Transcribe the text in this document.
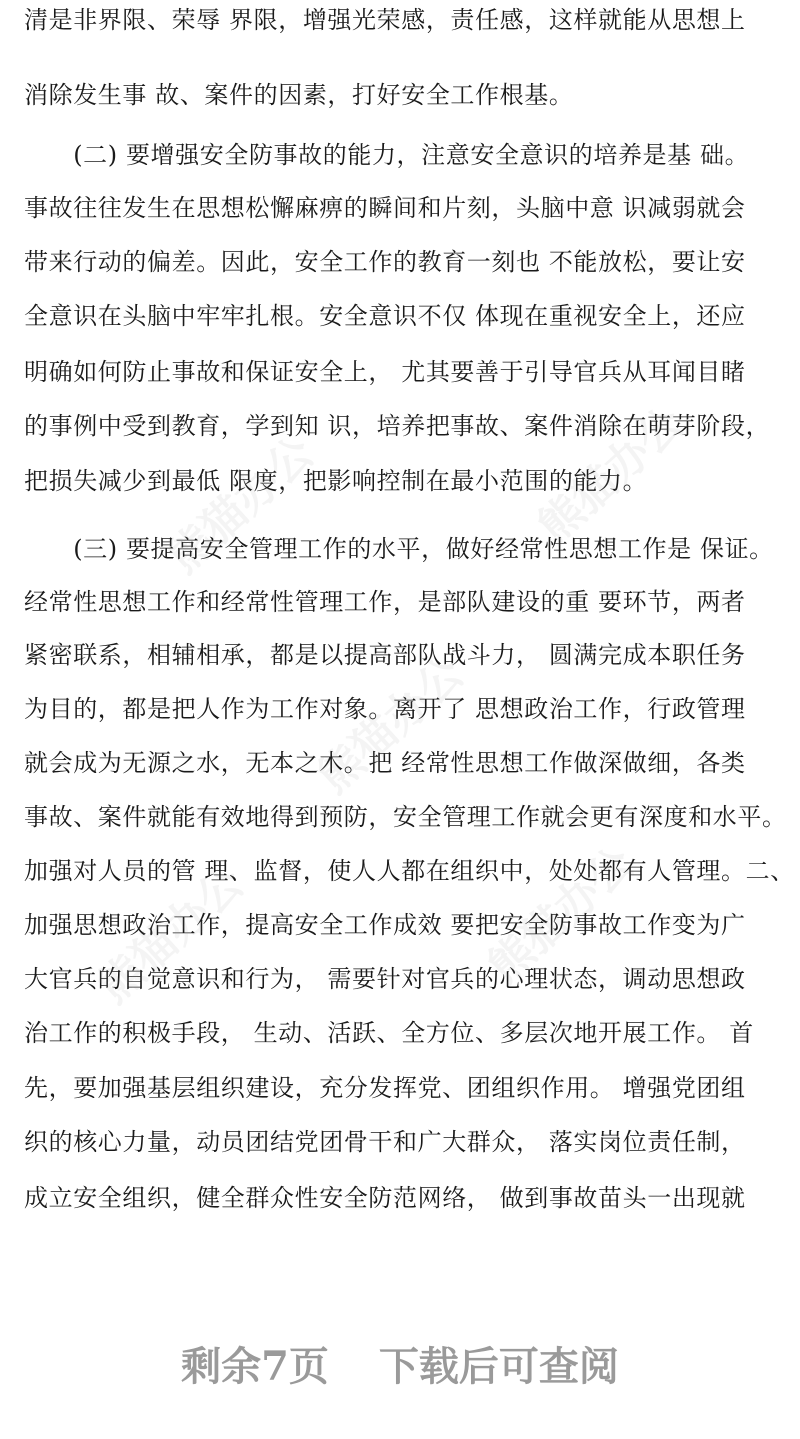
清是非界限、荣辱 界限，增强光荣感，责任感，这样就能从思想上
消除发生事 故、案件的因素，打好安全工作根基。
　　(二) 要增强安全防事故的能力，注意安全意识的培养是基 础。
事故往往发生在思想松懈麻痹的瞬间和片刻，头脑中意 识减弱就会
带来行动的偏差。因此，安全工作的教育一刻也 不能放松，要让安
全意识在头脑中牢牢扎根。安全意识不仅 体现在重视安全上，还应
明确如何防止事故和保证安全上， 尤其要善于引导官兵从耳闻目睹
的事例中受到教育，学到知 识，培养把事故、案件消除在萌芽阶段，
把损失减少到最低 限度，把影响控制在最小范围的能力。
　　(三) 要提高安全管理工作的水平，做好经常性思想工作是 保证。
经常性思想工作和经常性管理工作，是部队建设的重 要环节，两者
紧密联系，相辅相承，都是以提高部队战斗力， 圆满完成本职任务
为目的，都是把人作为工作对象。离开了 思想政治工作，行政管理
就会成为无源之水，无本之木。把 经常性思想工作做深做细，各类
事故、案件就能有效地得到预防，安全管理工作就会更有深度和水平。
加强对人员的管 理、监督，使人人都在组织中，处处都有人管理。二、
加强思想政治工作，提高安全工作成效 要把安全防事故工作变为广
大官兵的自觉意识和行为， 需要针对官兵的心理状态，调动思想政
治工作的积极手段， 生动、活跃、全方位、多层次地开展工作。 首
先，要加强基层组织建设，充分发挥党、团组织作用。 增强党团组
织的核心力量，动员团结党团骨干和广大群众， 落实岗位责任制，
成立安全组织，健全群众性安全防范网络， 做到事故苗头一出现就
熊猫办公	熊猫办公
熊猫办公
熊猫办公	熊猫办公
剩余7页 下载后可查阅
